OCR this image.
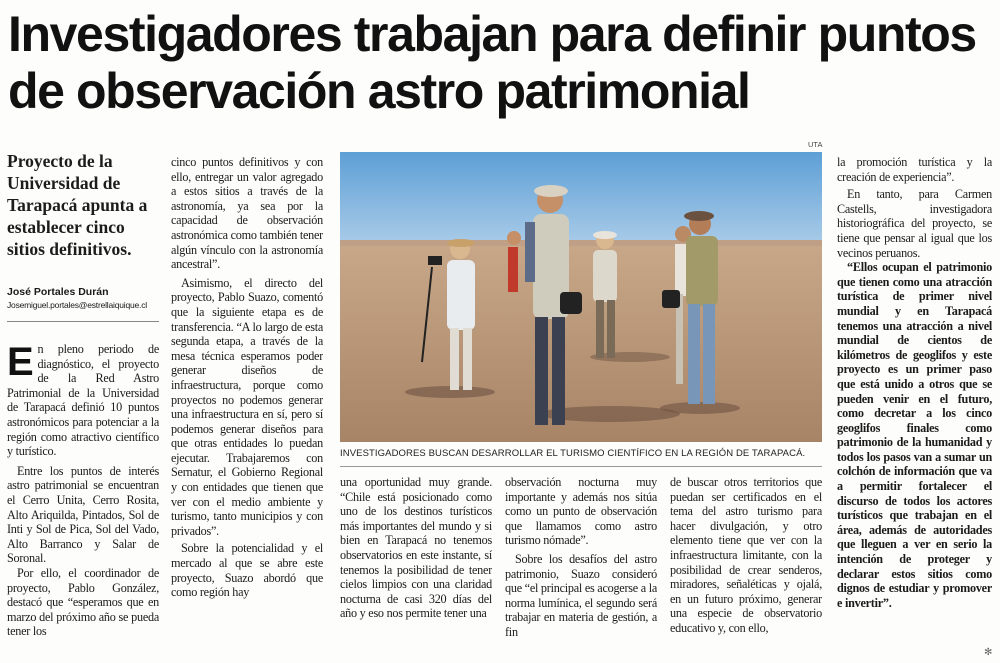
Investigadores trabajan para definir puntos de observación astro patrimonial
Proyecto de la Universidad de Tarapacá apunta a establecer cinco sitios definitivos.
José Portales Durán
Josemiguel.portales@estrellaiquique.cl

En pleno periodo de diagnóstico, el proyecto de la Red Astro Patrimonial de la Universidad de Tarapacá definió 10 puntos astronómicos para potenciar a la región como atractivo científico y turístico.

Entre los puntos de interés astro patrimonial se encuentran el Cerro Unita, Cerro Rosita, Alto Ariquilda, Pintados, Sol de Inti y Sol de Pica, Sol del Vado, Alto Barranco y Salar de Soronal.

Por ello, el coordinador de proyecto, Pablo González, destacó que “esperamos que en marzo del próximo año se pueda tener los

cinco puntos definitivos y con ello, entregar un valor agregado a estos sitios a través de la astronomía, ya sea por la capacidad de observación astronómica como también tener algún vínculo con la astronomía ancestral”.

Asimismo, el directo del proyecto, Pablo Suazo, comentó que la siguiente etapa es de transferencia. “A lo largo de esta segunda etapa, a través de la mesa técnica esperamos poder generar diseños de infraestructura, porque como proyectos no podemos generar una infraestructura en sí, pero sí podemos generar diseños para que otras entidades lo puedan ejecutar. Trabajaremos con Sernatur, el Gobierno Regional y con entidades que tienen que ver con el medio ambiente y turismo, tanto municipios y con privados”.

Sobre la potencialidad y el mercado al que se abre este proyecto, Suazo abordó que como región hay

UTA
INVESTIGADORES BUSCAN DESARROLLAR EL TURISMO CIENTÍFICO EN LA REGIÓN DE TARAPACÁ.

una oportunidad muy grande. “Chile está posicionado como uno de los destinos turísticos más importantes del mundo y si bien en Tarapacá no tenemos observatorios en este instante, sí tenemos la posibilidad de tener cielos limpios con una claridad nocturna de casi 320 días del año y eso nos permite tener una

observación nocturna muy importante y además nos sitúa como un punto de observación que llamamos como astro turismo nómade”.

Sobre los desafíos del astro patrimonio, Suazo consideró que “el principal es acogerse a la norma lumínica, el segundo será trabajar en materia de gestión, a fin

de buscar otros territorios que puedan ser certificados en el tema del astro turismo para hacer divulgación, y otro elemento tiene que ver con la infraestructura limitante, con la posibilidad de crear senderos, miradores, señaléticas y ojalá, en un futuro próximo, generar una especie de observatorio educativo y, con ello,

la promoción turística y la creación de experiencia”.

En tanto, para Carmen Castells, investigadora historiográfica del proyecto, se tiene que pensar al igual que los vecinos peruanos.

“Ellos ocupan el patrimonio que tienen como una atracción turística de primer nivel mundial y en Tarapacá tenemos una atracción a nivel mundial de cientos de kilómetros de geoglifos y este proyecto es un primer paso que está unido a otros que se pueden venir en el futuro, como decretar a los cinco geoglifos finales como patrimonio de la humanidad y todos los pasos van a sumar un colchón de información que va a permitir fortalecer el discurso de todos los actores turísticos que trabajan en el área, además de autoridades que lleguen a ver en serio la intención de proteger y declarar estos sitios como dignos de estudiar y promover e invertir”.

✻
